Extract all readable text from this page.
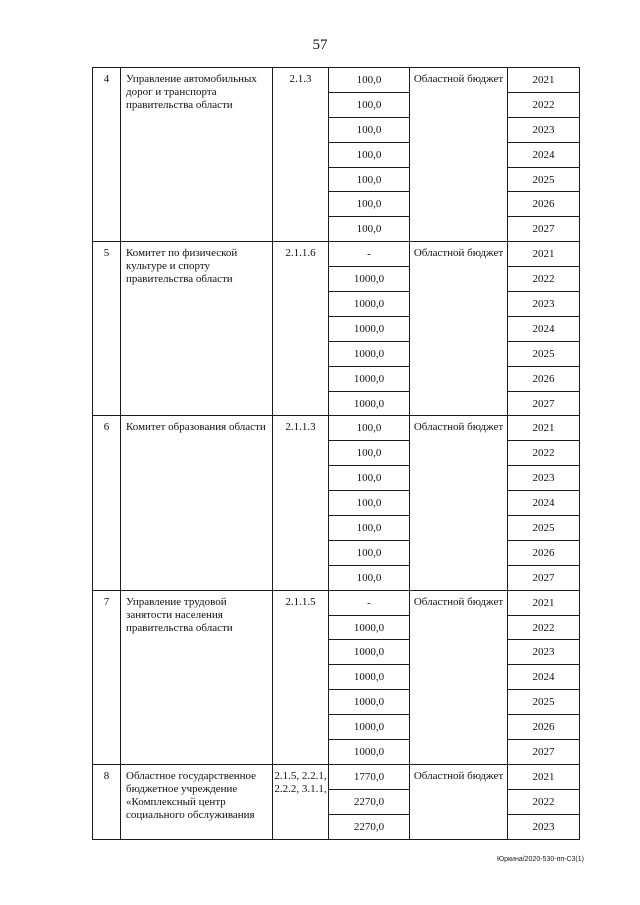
57
4	Управление автомобильных дорог и транспорта правительства области	2.1.3	100,0	Областной бюджет	2021
			100,0		2022
			100,0		2023
			100,0		2024
			100,0		2025
			100,0		2026
			100,0		2027
5	Комитет по физической культуре и спорту правительства области	2.1.1.6	-	Областной бюджет	2021
			1000,0		2022
			1000,0		2023
			1000,0		2024
			1000,0		2025
			1000,0		2026
			1000,0		2027
6	Комитет образования области	2.1.1.3	100,0	Областной бюджет	2021
			100,0		2022
			100,0		2023
			100,0		2024
			100,0		2025
			100,0		2026
			100,0		2027
7	Управление трудовой занятости населения правительства области	2.1.1.5	-	Областной бюджет	2021
			1000,0		2022
			1000,0		2023
			1000,0		2024
			1000,0		2025
			1000,0		2026
			1000,0		2027
8	Областное государственное бюджетное учреждение «Комплексный центр социального обслуживания	2.1.5, 2.2.1, 2.2.2, 3.1.1,	1770,0	Областной бюджет	2021
			2270,0		2022
			2270,0		2023
Юркина/2020-530-пп-С3(1)
